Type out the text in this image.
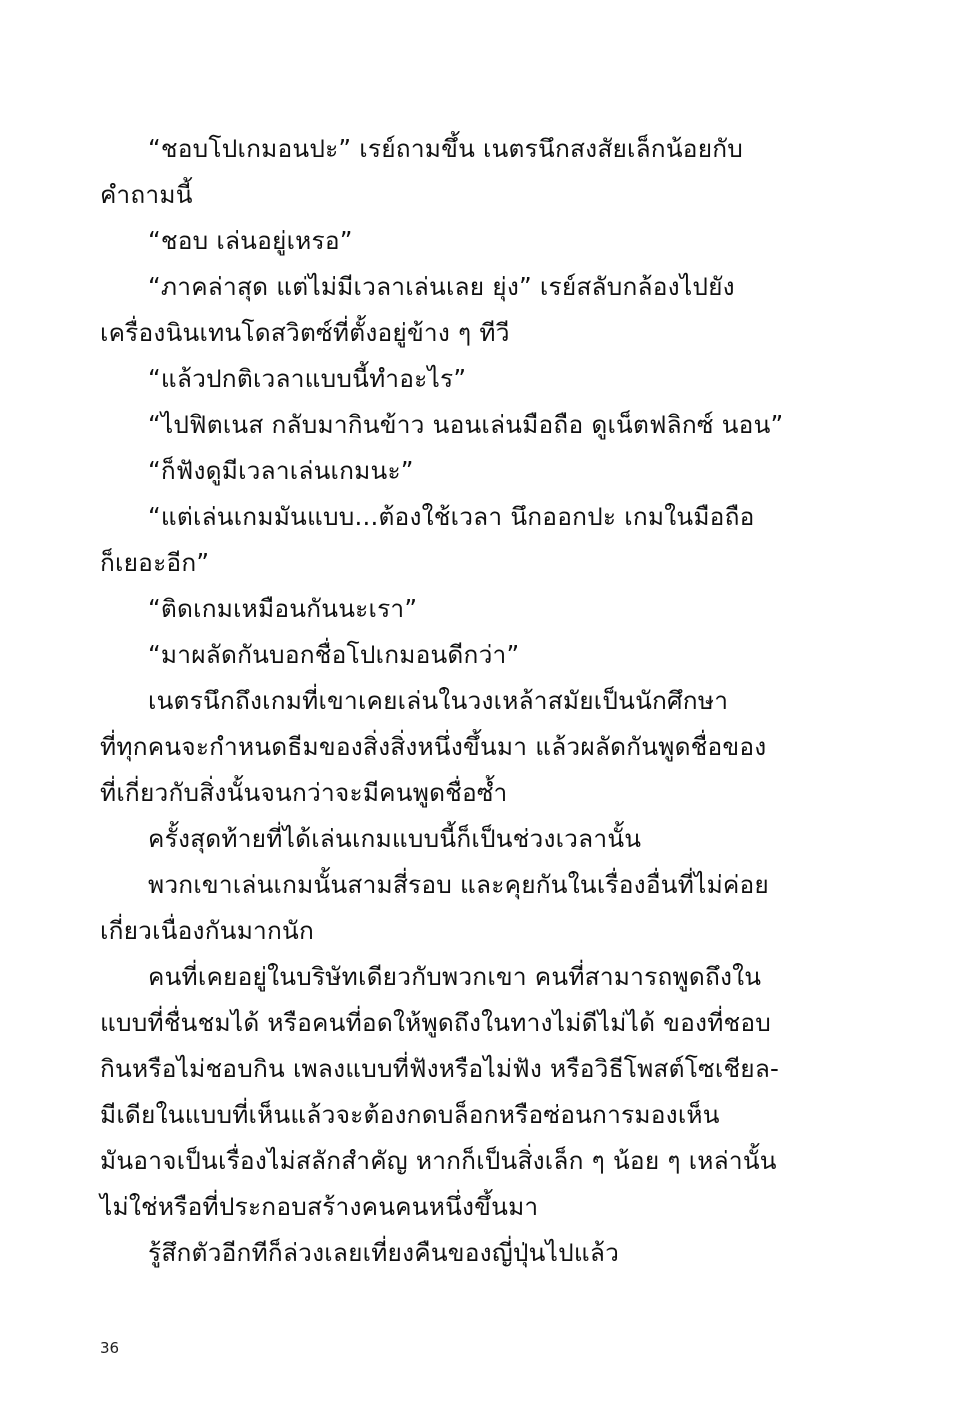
“ชอบโปเกมอนปะ” เรย์ถามขึ้น เนตรนึกสงสัยเล็กน้อยกับ
คำถามนี้

“ชอบ เล่นอยู่เหรอ”

“ภาคล่าสุด แต่ไม่มีเวลาเล่นเลย ยุ่ง” เรย์สลับกล้องไปยัง
เครื่องนินเทนโดสวิตซ์ที่ตั้งอยู่ข้าง ๆ ทีวี

“แล้วปกติเวลาแบบนี้ทำอะไร”

“ไปฟิตเนส กลับมากินข้าว นอนเล่นมือถือ ดูเน็ตฟลิกซ์ นอน”

“ก็ฟังดูมีเวลาเล่นเกมนะ”

“แต่เล่นเกมมันแบบ...ต้องใช้เวลา นึกออกปะ เกมในมือถือ
ก็เยอะอีก”

“ติดเกมเหมือนกันนะเรา”

“มาผลัดกันบอกชื่อโปเกมอนดีกว่า”

เนตรนึกถึงเกมที่เขาเคยเล่นในวงเหล้าสมัยเป็นนักศึกษา
ที่ทุกคนจะกำหนดธีมของสิ่งสิ่งหนึ่งขึ้นมา แล้วผลัดกันพูดชื่อของ
ที่เกี่ยวกับสิ่งนั้นจนกว่าจะมีคนพูดชื่อซ้ำ

ครั้งสุดท้ายที่ได้เล่นเกมแบบนี้ก็เป็นช่วงเวลานั้น

พวกเขาเล่นเกมนั้นสามสี่รอบ และคุยกันในเรื่องอื่นที่ไม่ค่อย
เกี่ยวเนื่องกันมากนัก

คนที่เคยอยู่ในบริษัทเดียวกับพวกเขา คนที่สามารถพูดถึงใน
แบบที่ชื่นชมได้ หรือคนที่อดให้พูดถึงในทางไม่ดีไม่ได้ ของที่ชอบ
กินหรือไม่ชอบกิน เพลงแบบที่ฟังหรือไม่ฟัง หรือวิธีโพสต์โซเชียล-
มีเดียในแบบที่เห็นแล้วจะต้องกดบล็อกหรือซ่อนการมองเห็น
มันอาจเป็นเรื่องไม่สลักสำคัญ หากก็เป็นสิ่งเล็ก ๆ น้อย ๆ เหล่านั้น
ไม่ใช่หรือที่ประกอบสร้างคนคนหนึ่งขึ้นมา

รู้สึกตัวอีกทีก็ล่วงเลยเที่ยงคืนของญี่ปุ่นไปแล้ว

36
